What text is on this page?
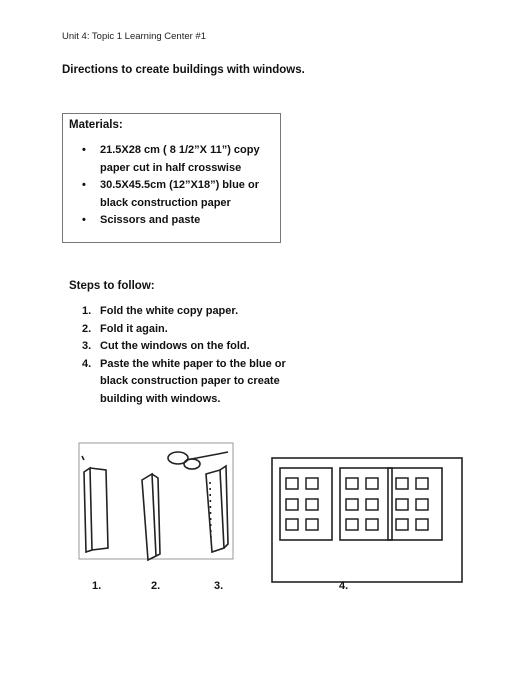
Unit 4: Topic 1 Learning Center #1
Directions to create buildings with windows.
Materials:
• 21.5X28 cm ( 8 1/2”X 11”) copy paper cut in half crosswise
• 30.5X45.5cm (12”X18”) blue or black construction paper
• Scissors and paste
Steps to follow:
1. Fold the white copy paper.
2. Fold it again.
3. Cut the windows on the fold.
4. Paste the white paper to the blue or black construction paper to create building with windows.
1.	2.	3.	4.
